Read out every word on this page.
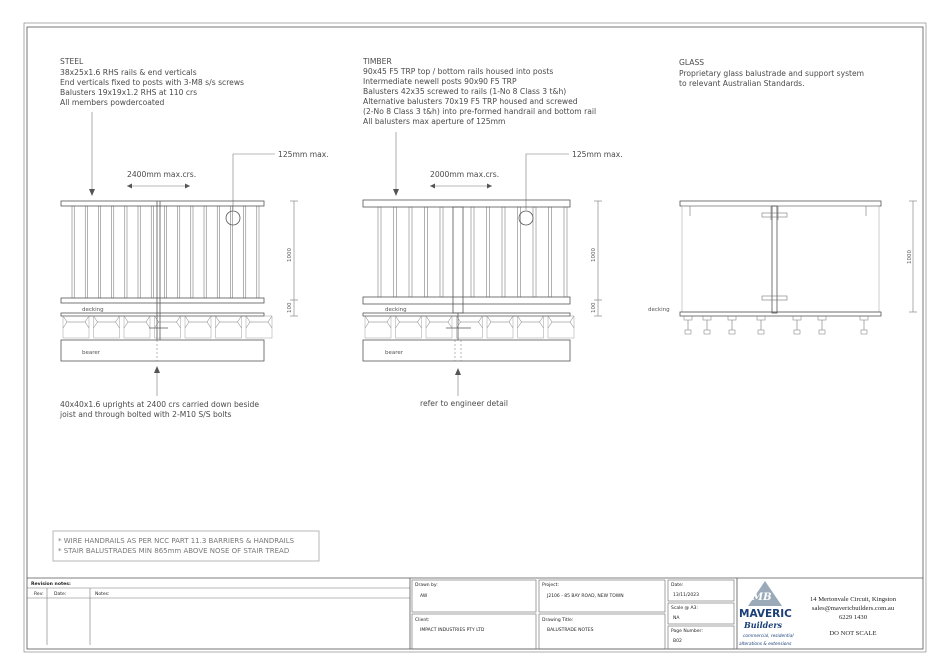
STEEL
38x25x1.6 RHS rails & end verticals
End verticals fixed to posts with 3-M8 s/s screws
Balusters 19x19x1.2 RHS at 110 crs
All members powdercoated
2400mm max.crs.
125mm max.
decking
bearer
1000
100
40x40x1.6 uprights at 2400 crs carried down beside
joist and through bolted with 2-M10 S/S bolts
TIMBER
90x45 F5 TRP top / bottom rails housed into posts
Intermediate newell posts 90x90 F5 TRP
Balusters 42x35 screwed to rails (1-No 8 Class 3 t&h)
Alternative balusters 70x19 F5 TRP housed and screwed
(2-No 8 Class 3 t&h) into pre-formed handrail and bottom rail
All balusters max aperture of 125mm
2000mm max.crs.
125mm max.
decking
bearer
1000
100
refer to engineer detail
GLASS
Proprietary glass balustrade and support system
to relevant Australian Standards.
decking
1000
* WIRE HANDRAILS AS PER NCC PART 11.3 BARRIERS & HANDRAILS
* STAIR BALUSTRADES MIN 865mm ABOVE NOSE OF STAIR TREAD
Revision notes:
Rev: Date:	Notes:
Drawn by:
AW
Client:
IMPACT INDUSTRIES PTY LTD
Project:
J2106 - 85 BAY ROAD, NEW TOWN
Drawing Title:
BALUSTRADE NOTES
Date:
13/11/2023
Scale @ A3:
NA
Page Number:
B02
MB
MAVERIC
Builders
commercial, residential
alterations & extensions
14 Mertonvale Circuit, Kingston
sales@mavericbuilders.com.au
6229 1430
DO NOT SCALE
